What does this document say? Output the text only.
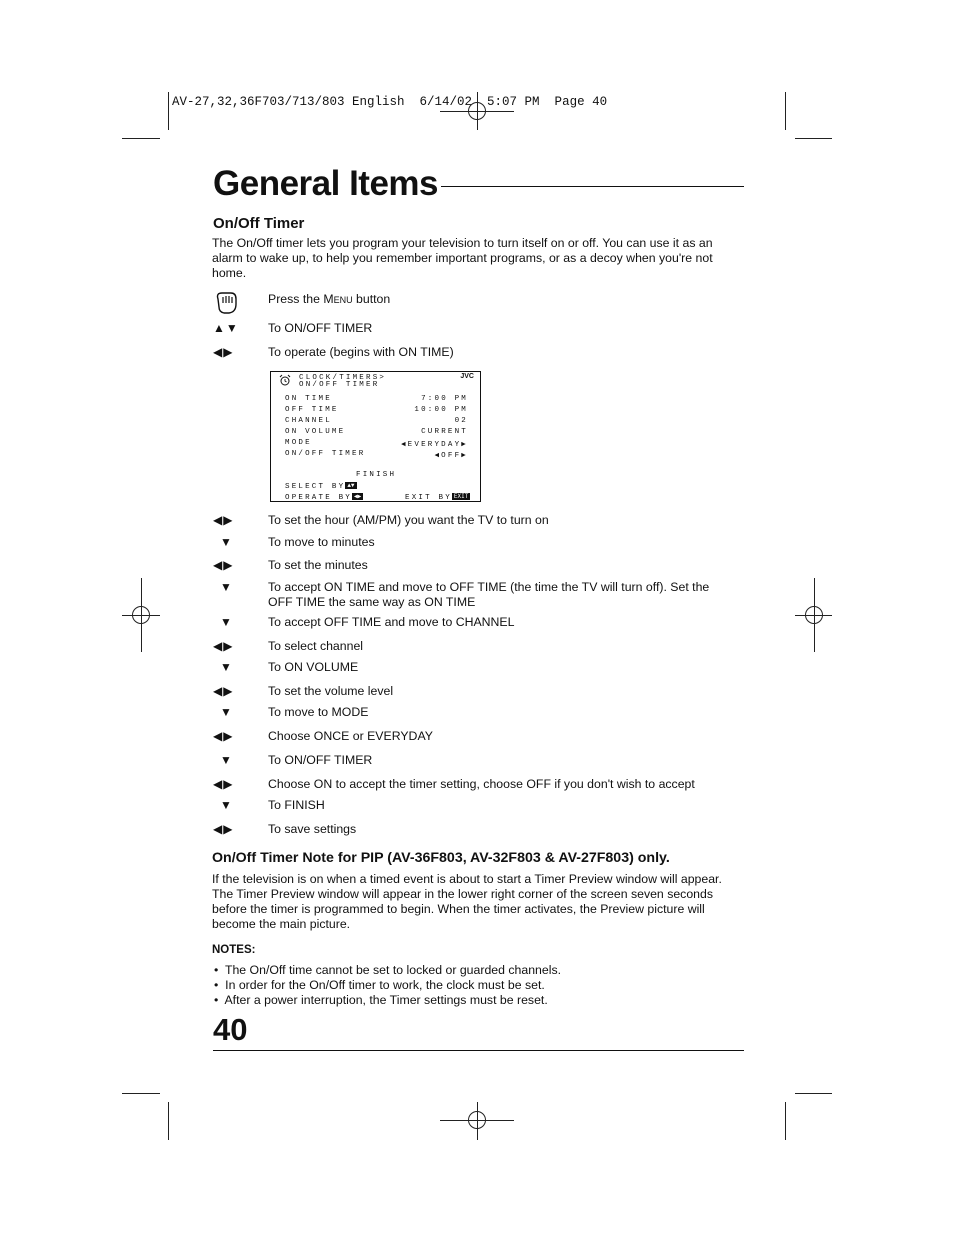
AV-27,32,36F703/713/803 English  6/14/02  5:07 PM  Page 40
General Items
On/Off Timer
The On/Off timer lets you program your television to turn itself on or off. You can use it as an
alarm to wake up, to help you remember important programs, or as a decoy when you're not
home.
Press the MENU button
▲▼	To ON/OFF TIMER
◀▶	To operate (begins with ON TIME)
CLOCK/TIMERS>
ON/OFF TIMER
JVC
ON TIME	7:00 PM
OFF TIME	10:00 PM
CHANNEL	02
ON VOLUME	CURRENT
MODE	◀EVERYDAY▶
ON/OFF TIMER	◀OFF▶
FINISH
SELECT BY ▲▼
OPERATE BY ◀▶	EXIT BY EXIT
◀▶	To set the hour (AM/PM) you want the TV to turn on
▼	To move to minutes
◀▶	To set the minutes
▼	To accept ON TIME and move to OFF TIME (the time the TV will turn off). Set the
OFF TIME the same way as ON TIME
▼	To accept OFF TIME and move to CHANNEL
◀▶	To select channel
▼	To ON VOLUME
◀▶	To set the volume level
▼	To move to MODE
◀▶	Choose ONCE or EVERYDAY
▼	To ON/OFF TIMER
◀▶	Choose ON to accept the timer setting, choose OFF if you don't wish to accept
▼	To FINISH
◀▶	To save settings
On/Off Timer Note for PIP (AV-36F803, AV-32F803 & AV-27F803) only.
If the television is on when a timed event is about to start a Timer Preview window will appear.
The Timer Preview window will appear in the lower right corner of the screen seven seconds
before the timer is programmed to begin. When the timer activates, the Preview picture will
become the main picture.
NOTES:
• The On/Off time cannot be set to locked or guarded channels.
• In order for the On/Off timer to work, the clock must be set.
• After a power interruption, the Timer settings must be reset.
40
